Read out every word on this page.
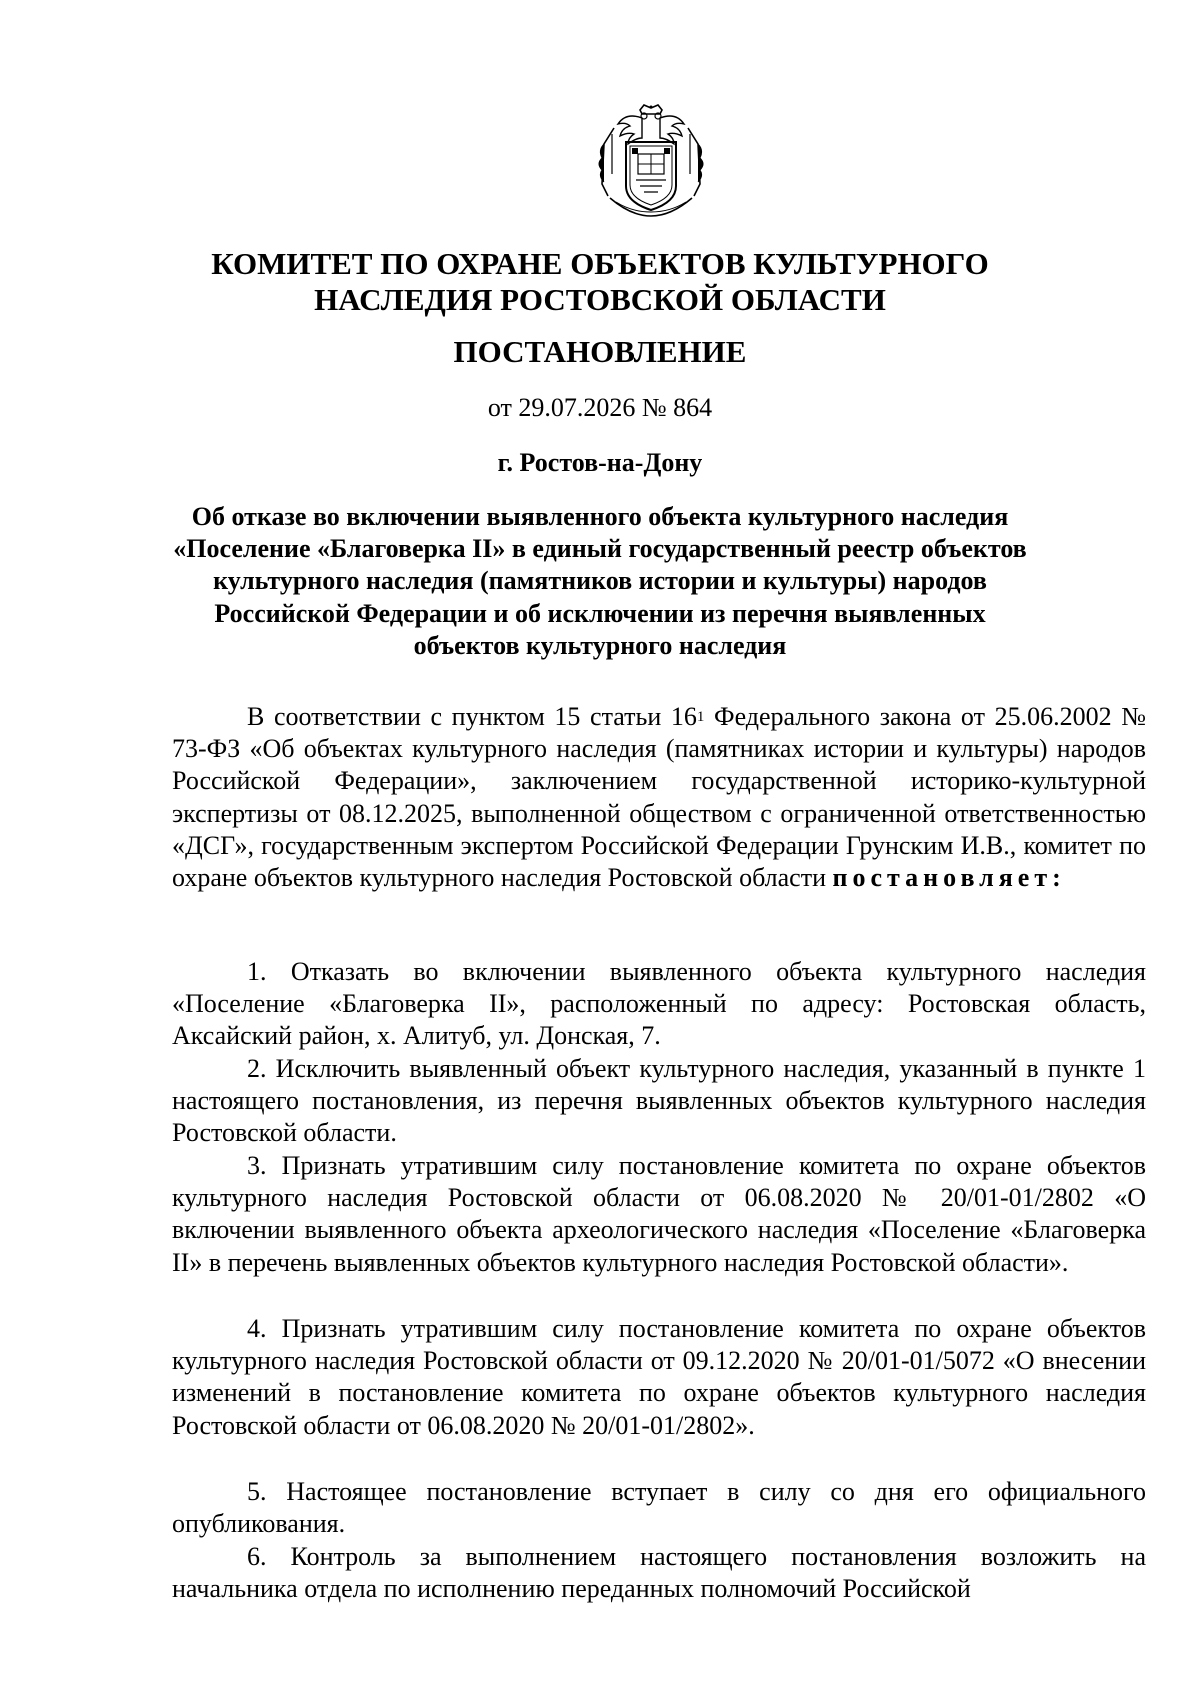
КОМИТЕТ ПО ОХРАНЕ ОБЪЕКТОВ КУЛЬТУРНОГО НАСЛЕДИЯ РОСТОВСКОЙ ОБЛАСТИ
ПОСТАНОВЛЕНИЕ
от 29.07.2026 № 864
г. Ростов-на-Дону
Об отказе во включении выявленного объекта культурного наследия «Поселение «Благоверка II» в единый государственный реестр объектов культурного наследия (памятников истории и культуры) народов Российской Федерации и об исключении из перечня выявленных объектов культурного наследия

В соответствии с пунктом 15 статьи $16^1$ Федерального закона от 25.06.2002 № 73-ФЗ «Об объектах культурного наследия (памятниках истории и культуры) народов Российской Федерации», заключением государственной историко-культурной экспертизы от 08.12.2025, выполненной обществом с ограниченной ответственностью «ДСГ», государственным экспертом Российской Федерации Грунским И.В., комитет по охране объектов культурного наследия Ростовской области постановляет:

1. Отказать во включении выявленного объекта культурного наследия «Поселение «Благоверка II», расположенный по адресу: Ростовская область, Аксайский район, х. Алитуб, ул. Донская, 7.

2. Исключить выявленный объект культурного наследия, указанный в пункте 1 настоящего постановления, из перечня выявленных объектов культурного наследия Ростовской области.

3. Признать утратившим силу постановление комитета по охране объектов культурного наследия Ростовской области от 06.08.2020 № 20/01-01/2802 «О включении выявленного объекта археологического наследия «Поселение «Благоверка II» в перечень выявленных объектов культурного наследия Ростовской области».

4. Признать утратившим силу постановление комитета по охране объектов культурного наследия Ростовской области от 09.12.2020 № 20/01-01/5072 «О внесении изменений в постановление комитета по охране объектов культурного наследия Ростовской области от 06.08.2020 № 20/01-01/2802».

5. Настоящее постановление вступает в силу со дня его официального опубликования.

6. Контроль за выполнением настоящего постановления возложить на начальника отдела по исполнению переданных полномочий Российской
